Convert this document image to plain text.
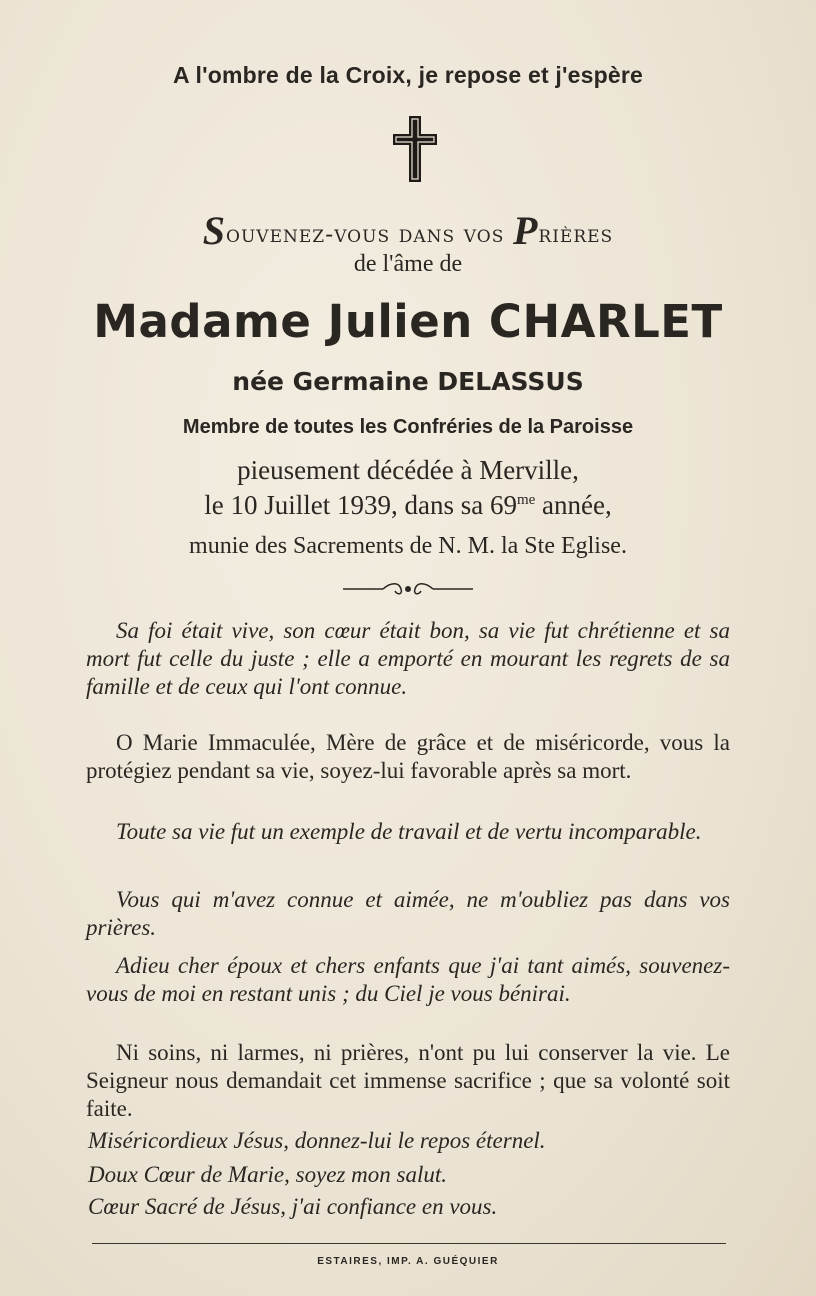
A l'ombre de la Croix, je repose et j'espère
Souvenez-vous dans vos Prières
de l'âme de
Madame Julien CHARLET
née Germaine DELASSUS
Membre de toutes les Confréries de la Paroisse
pieusement décédée à Merville,
le 10 Juillet 1939, dans sa $69^{me}$ année,
munie des Sacrements de N. M. la Ste Eglise.

Sa foi était vive, son cœur était bon, sa vie fut chrétienne et sa mort fut celle du juste ; elle a emporté en mourant les regrets de sa famille et de ceux qui l'ont connue.

O Marie Immaculée, Mère de grâce et de miséricorde, vous la protégiez pendant sa vie, soyez-lui favorable après sa mort.

Toute sa vie fut un exemple de travail et de vertu incomparable.

Vous qui m'avez connue et aimée, ne m'oubliez pas dans vos prières.

Adieu cher époux et chers enfants que j'ai tant aimés, souvenez-vous de moi en restant unis ; du Ciel je vous bénirai.

Ni soins, ni larmes, ni prières, n'ont pu lui conserver la vie. Le Seigneur nous demandait cet immense sacrifice ; que sa volonté soit faite.

Miséricordieux Jésus, donnez-lui le repos éternel.
Doux Cœur de Marie, soyez mon salut.
Cœur Sacré de Jésus, j'ai confiance en vous.
ESTAIRES, IMP. A. GUÉQUIER
